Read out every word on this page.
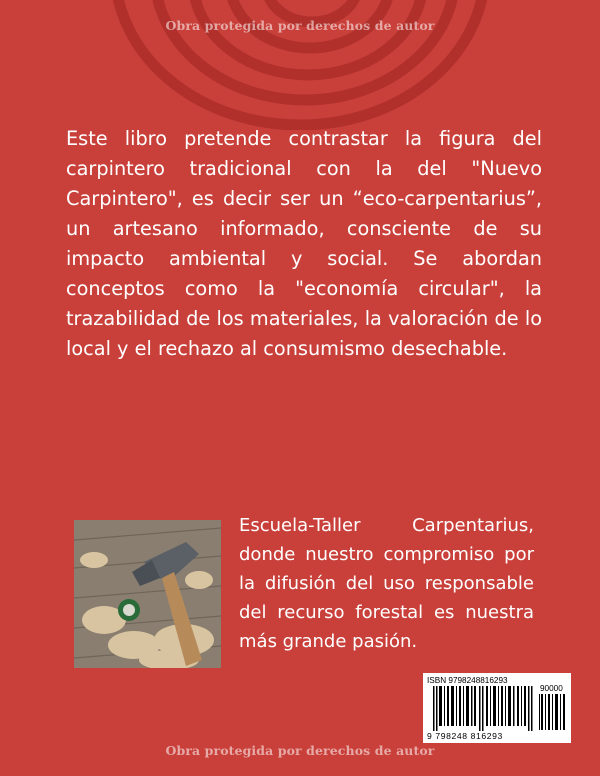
Obra protegida por derechos de autor

Este libro pretende contrastar la figura del carpintero tradicional con la del "Nuevo Carpintero", es decir ser un “eco-carpentarius”, un artesano informado, consciente de su impacto ambiental y social. Se abordan conceptos como la "economía circular", la trazabilidad de los materiales, la valoración de lo local y el rechazo al consumismo desechable.

Escuela-Taller Carpentarius, donde nuestro compromiso por la difusión del uso responsable del recurso forestal es nuestra más grande pasión.

ISBN 9798248816293
90000
9 798248 816293
Obra protegida por derechos de autor
